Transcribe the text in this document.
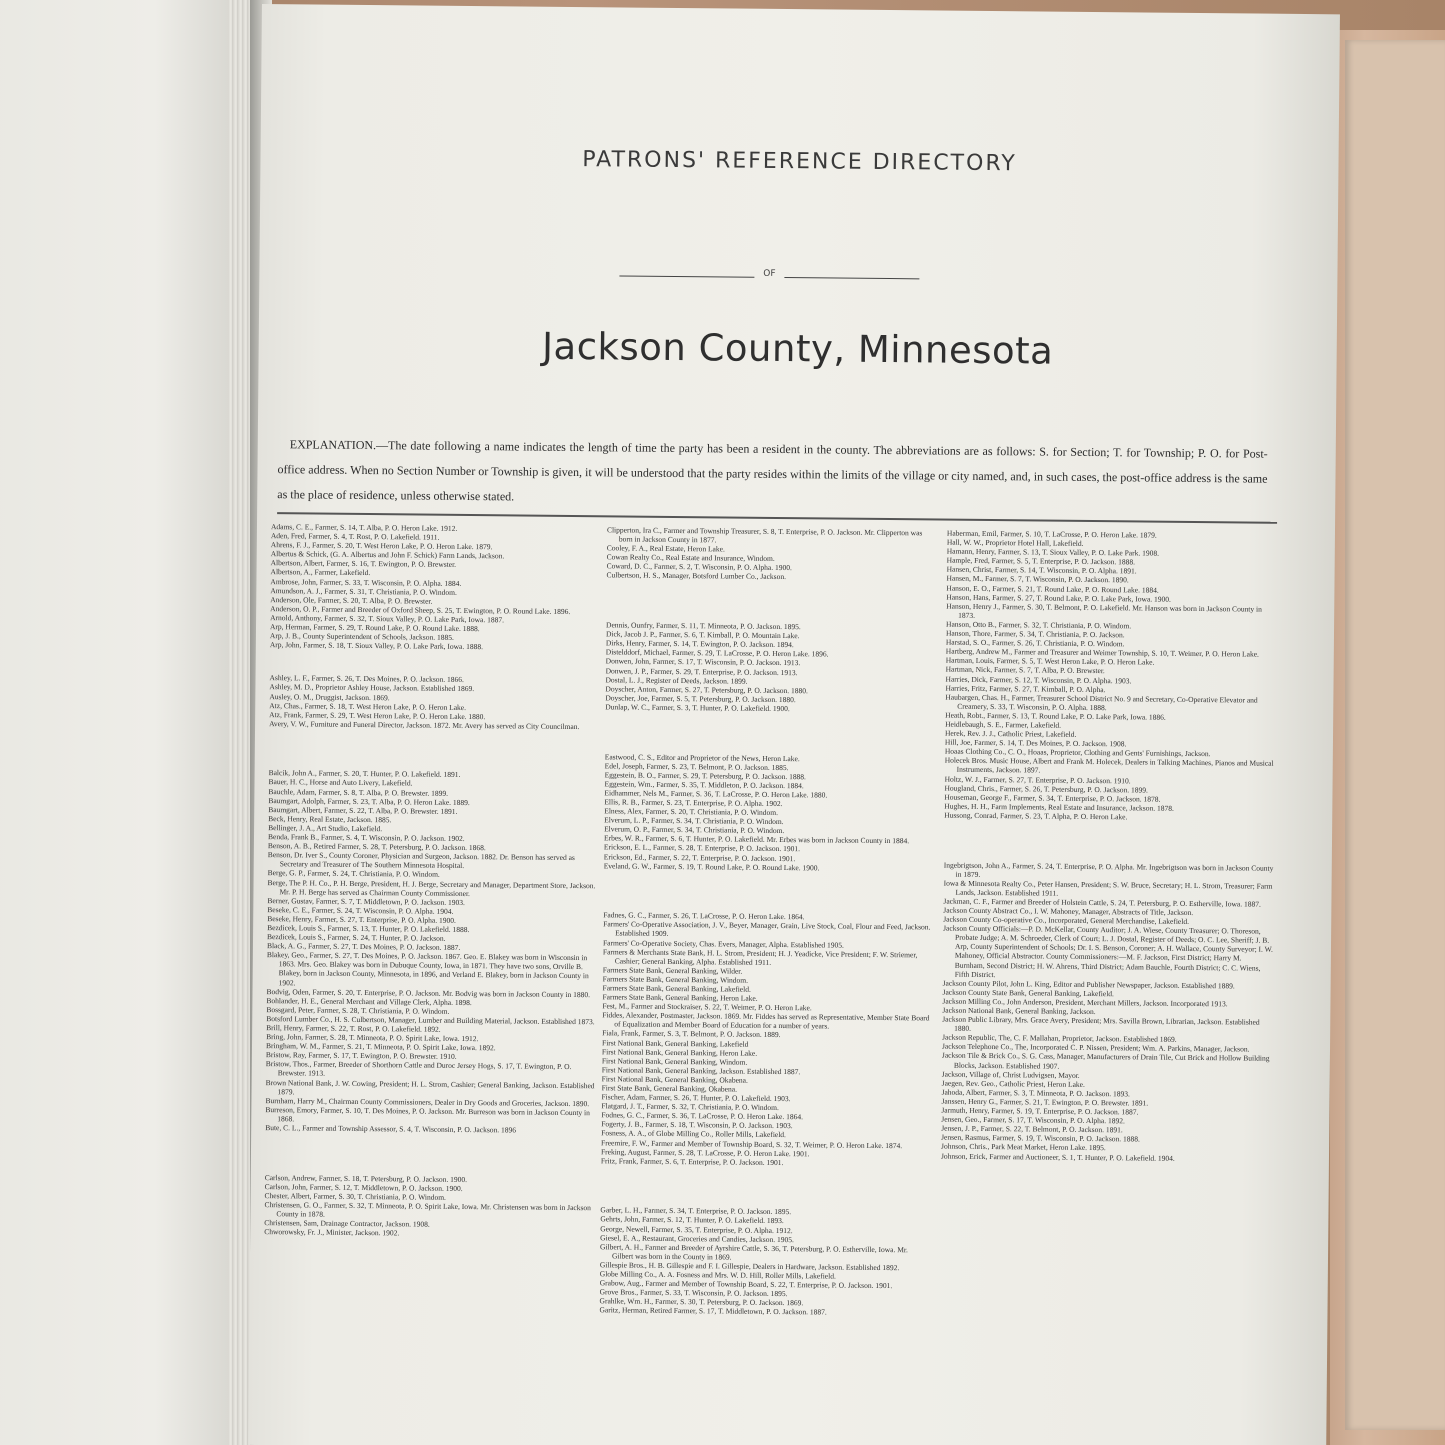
PATRONS' REFERENCE DIRECTORY
OF
Jackson County, Minnesota
EXPLANATION.—The date following a name indicates the length of time the party has been a resident in the county. The abbreviations are as follows: S. for Section; T. for Township; P. O. for Post-office address. When no Section Number or Township is given, it will be understood that the party resides within the limits of the village or city named, and, in such cases, the post-office address is the same as the place of residence, unless otherwise stated.

Adams, C. E., Farmer, S. 14, T. Alba, P. O. Heron Lake. 1912.

Aden, Fred, Farmer, S. 4, T. Rost, P. O. Lakefield. 1911.

Ahrens, F. J., Farmer, S. 20, T. West Heron Lake, P. O. Heron Lake. 1879.

Albertus & Schick, (G. A. Albertus and John F. Schick) Farm Lands, Jackson.

Albertson, Albert, Farmer, S. 16, T. Ewington, P. O. Brewster.

Albertson, A., Farmer, Lakefield.

Ambrose, John, Farmer, S. 33, T. Wisconsin, P. O. Alpha. 1884.

Amundson, A. J., Farmer, S. 31, T. Christiania, P. O. Windom.

Anderson, Ole, Farmer, S. 20, T. Alba, P. O. Brewster.

Anderson, O. P., Farmer and Breeder of Oxford Sheep, S. 25, T. Ewington, P. O. Round Lake. 1896.

Arnold, Anthony, Farmer, S. 32, T. Sioux Valley, P. O. Lake Park, Iowa. 1887.

Arp, Herman, Farmer, S. 29, T. Round Lake, P. O. Round Lake. 1888.

Arp, J. B., County Superintendent of Schools, Jackson. 1885.

Arp, John, Farmer, S. 18, T. Sioux Valley, P. O. Lake Park, Iowa. 1888.

Ashley, L. F., Farmer, S. 26, T. Des Moines, P. O. Jackson. 1866.

Ashley, M. D., Proprietor Ashley House, Jackson. Established 1869.

Ausley, O. M., Druggist, Jackson. 1869.

Atz, Chas., Farmer, S. 18, T. West Heron Lake, P. O. Heron Lake.

Atz, Frank, Farmer, S. 29, T. West Heron Lake, P. O. Heron Lake. 1880.

Avery, V. W., Furniture and Funeral Director, Jackson. 1872. Mr. Avery has served as City Councilman.

Balcik, John A., Farmer, S. 20, T. Hunter, P. O. Lakefield. 1891.

Bauer, H. C., Horse and Auto Livery, Lakefield.

Bauchle, Adam, Farmer, S. 8, T. Alba, P. O. Brewster. 1899.

Baumgart, Adolph, Farmer, S. 23, T. Alba, P. O. Heron Lake. 1889.

Baumgart, Albert, Farmer, S. 22, T. Alba, P. O. Brewster. 1891.

Beck, Henry, Real Estate, Jackson. 1885.

Bellinger, J. A., Art Studio, Lakefield.

Benda, Frank B., Farmer, S. 4, T. Wisconsin, P. O. Jackson. 1902.

Benson, A. B., Retired Farmer, S. 28, T. Petersburg, P. O. Jackson. 1868.

Benson, Dr. Iver S., County Coroner, Physician and Surgeon, Jackson. 1882. Dr. Benson has served as Secretary and Treasurer of The Southern Minnesota Hospital.

Berge, G. P., Farmer, S. 24, T. Christiania, P. O. Windom.

Berge, The P. H. Co., P. H. Berge, President, H. J. Berge, Secretary and Manager, Department Store, Jackson. Mr. P. H. Berge has served as Chairman County Commissioner.

Berner, Gustav, Farmer, S. 7, T. Middletown, P. O. Jackson. 1903.

Beseke, C. E., Farmer, S. 24, T. Wisconsin, P. O. Alpha. 1904.

Beseke, Henry, Farmer, S. 27, T. Enterprise, P. O. Alpha. 1900.

Bezdicek, Louis S., Farmer, S. 13, T. Hunter, P. O. Lakefield. 1888.

Bezdicek, Louis S., Farmer, S. 24, T. Hunter, P. O. Jackson.

Black, A. G., Farmer, S. 27, T. Des Moines, P. O. Jackson. 1887.

Blakey, Geo., Farmer, S. 27, T. Des Moines, P. O. Jackson. 1867. Geo. E. Blakey was born in Wisconsin in 1863. Mrs. Geo. Blakey was born in Dubuque County, Iowa, in 1871. They have two sons, Orville B. Blakey, born in Jackson County, Minnesota, in 1896, and Verland E. Blakey, born in Jackson County in 1902.

Bodvig, Oden, Farmer, S. 20, T. Enterprise, P. O. Jackson. Mr. Bodvig was born in Jackson County in 1880.

Bohlander, H. E., General Merchant and Village Clerk, Alpha. 1898.

Bossgard, Peter, Farmer, S. 28, T. Christiania, P. O. Windom.

Botsford Lumber Co., H. S. Culbertson, Manager, Lumber and Building Material, Jackson. Established 1873.

Brill, Henry, Farmer, S. 22, T. Rost, P. O. Lakefield. 1892.

Bring, John, Farmer, S. 28, T. Minneota, P. O. Spirit Lake, Iowa. 1912.

Bringham, W. M., Farmer, S. 21, T. Minneota, P. O. Spirit Lake, Iowa. 1892.

Bristow, Ray, Farmer, S. 17, T. Ewington, P. O. Brewster. 1910.

Bristow, Thos., Farmer, Breeder of Shorthorn Cattle and Duroc Jersey Hogs, S. 17, T. Ewington, P. O. Brewster. 1913.

Brown National Bank, J. W. Cowing, President; H. L. Strom, Cashier; General Banking, Jackson. Established 1879.

Burnham, Harry M., Chairman County Commissioners, Dealer in Dry Goods and Groceries, Jackson. 1890.

Burreson, Emory, Farmer, S. 10, T. Des Moines, P. O. Jackson. Mr. Burreson was born in Jackson County in 1868.

Bute, C. L., Farmer and Township Assessor, S. 4, T. Wisconsin, P. O. Jackson. 1896

Carlson, Andrew, Farmer, S. 18, T. Petersburg, P. O. Jackson. 1900.

Carlson, John, Farmer, S. 12, T. Middletown, P. O. Jackson. 1900.

Chester, Albert, Farmer, S. 30, T. Christiania, P. O. Windom.

Christensen, G. O., Farmer, S. 32, T. Minneota, P. O. Spirit Lake, Iowa. Mr. Christensen was born in Jackson County in 1878.

Christensen, Sam, Drainage Contractor, Jackson. 1908.

Chworowsky, Fr. J., Minister, Jackson. 1902.

Clipperton, Ira C., Farmer and Township Treasurer, S. 8, T. Enterprise, P. O. Jackson. Mr. Clipperton was born in Jackson County in 1877.

Cooley, F. A., Real Estate, Heron Lake.

Cowan Realty Co., Real Estate and Insurance, Windom.

Coward, D. C., Farmer, S. 2, T. Wisconsin, P. O. Alpha. 1900.

Culbertson, H. S., Manager, Botsford Lumber Co., Jackson.

Dennis, Ounfry, Farmer, S. 11, T. Minneota, P. O. Jackson. 1895.

Dick, Jacob J. P., Farmer, S. 6, T. Kimball, P. O. Mountain Lake.

Dirks, Henry, Farmer, S. 14, T. Ewington, P. O. Jackson. 1894.

Distelddorf, Michael, Farmer, S. 29, T. LaCrosse, P. O. Heron Lake. 1896.

Donwen, John, Farmer, S. 17, T. Wisconsin, P. O. Jackson. 1913.

Donwen, J. P., Farmer, S. 29, T. Enterprise, P. O. Jackson. 1913.

Dostal, L. J., Register of Deeds, Jackson. 1899.

Doyscher, Anton, Farmer, S. 27, T. Petersburg, P. O. Jackson. 1880.

Doyscher, Joe, Farmer, S. 5, T. Petersburg, P. O. Jackson. 1880.

Dunlap, W. C., Farmer, S. 3, T. Hunter, P. O. Lakefield. 1900.

Eastwood, C. S., Editor and Proprietor of the News, Heron Lake.

Edel, Joseph, Farmer, S. 23, T. Belmont, P. O. Jackson. 1885.

Eggestein, B. O., Farmer, S. 29, T. Petersburg, P. O. Jackson. 1888.

Eggestein, Wm., Farmer, S. 35, T. Middleton, P. O. Jackson. 1884.

Eidhammer, Nels M., Farmer, S. 36, T. LaCrosse, P. O. Heron Lake. 1880.

Ellis, R. B., Farmer, S. 23, T. Enterprise, P. O. Alpha. 1902.

Elness, Alex, Farmer, S. 20, T. Christiania, P. O. Windom.

Elverum, L. P., Farmer, S. 34, T. Christiania, P. O. Windom.

Elverum, O. P., Farmer, S. 34, T. Christiania, P. O. Windom.

Erbes, W. R., Farmer, S. 6, T. Hunter, P. O. Lakefield. Mr. Erbes was born in Jackson County in 1884.

Erickson, E. L., Farmer, S. 28, T. Enterprise, P. O. Jackson. 1901.

Erickson, Ed., Farmer, S. 22, T. Enterprise, P. O. Jackson. 1901.

Eveland, G. W., Farmer, S. 19, T. Round Lake, P. O. Round Lake. 1900.

Fadnes, G. C., Farmer, S. 26, T. LaCrosse, P. O. Heron Lake. 1864.

Farmers' Co-Operative Association, J. V., Beyer, Manager, Grain, Live Stock, Coal, Flour and Feed, Jackson. Established 1909.

Farmers' Co-Operative Society, Chas. Evers, Manager, Alpha. Established 1905.

Farmers & Merchants State Bank, H. L. Strom, President; H. J. Yeadicke, Vice President; F. W. Striemer, Cashier; General Banking, Alpha. Established 1911.

Farmers State Bank, General Banking, Wilder.

Farmers State Bank, General Banking, Windom.

Farmers State Bank, General Banking, Lakefield.

Farmers State Bank, General Banking, Heron Lake.

Fest, M., Farmer and Stockraiser, S. 22, T. Weimer, P. O. Heron Lake.

Fiddes, Alexander, Postmaster, Jackson. 1869. Mr. Fiddes has served as Representative, Member State Board of Equalization and Member Board of Education for a number of years.

Fiala, Frank, Farmer, S. 3, T. Belmont, P. O. Jackson. 1889.

First National Bank, General Banking, Lakefield

First National Bank, General Banking, Heron Lake.

First National Bank, General Banking, Windom.

First National Bank, General Banking, Jackson. Established 1887.

First National Bank, General Banking, Okabena.

First State Bank, General Banking, Okabena.

Fischer, Adam, Farmer, S. 26, T. Hunter, P. O. Lakefield. 1903.

Flatgard, J. T., Farmer, S. 32, T. Christiania, P. O. Windom.

Fodnes, G. C., Farmer, S. 36, T. LaCrosse, P. O. Heron Lake. 1864.

Fogerty, J. B., Farmer, S. 18, T. Wisconsin, P. O. Jackson. 1903.

Fosness, A. A., of Globe Milling Co., Roller Mills, Lakefield.

Freemire, F. W., Farmer and Member of Township Board, S. 32, T. Weimer, P. O. Heron Lake. 1874.

Freking, August, Farmer, S. 28, T. LaCrosse, P. O. Heron Lake. 1901.

Fritz, Frank, Farmer, S. 6, T. Enterprise, P. O. Jackson. 1901.

Garber, L. H., Farmer, S. 34, T. Enterprise, P. O. Jackson. 1895.

Gehrts, John, Farmer, S. 12, T. Hunter, P. O. Lakefield. 1893.

George, Newell, Farmer, S. 35, T. Enterprise, P. O. Alpha. 1912.

Giesel, E. A., Restaurant, Groceries and Candies, Jackson. 1905.

Gilbert, A. H., Farmer and Breeder of Ayrshire Cattle, S. 36, T. Petersburg, P. O. Estherville, Iowa. Mr. Gilbert was born in the County in 1869.

Gillespie Bros., H. B. Gillespie and F. I. Gillespie, Dealers in Hardware, Jackson. Established 1892.

Globe Milling Co., A. A. Fosness and Mrs. W. D. Hill, Roller Mills, Lakefield.

Grabow, Aug., Farmer and Member of Township Board, S. 22, T. Enterprise, P. O. Jackson. 1901.

Grove Bros., Farmer, S. 33, T. Wisconsin, P. O. Jackson. 1895.

Grahlke, Wm. H., Farmer, S. 30, T. Petersburg, P. O. Jackson. 1869.

Garitz, Herman, Retired Farmer, S. 17, T. Middletown, P. O. Jackson. 1887.

Haberman, Emil, Farmer, S. 10, T. LaCrosse, P. O. Heron Lake. 1879.

Hall, W. W., Proprietor Hotel Hall, Lakefield.

Hamann, Henry, Farmer, S. 13, T. Sioux Valley, P. O. Lake Park. 1908.

Hample, Fred, Farmer, S. 5, T. Enterprise, P. O. Jackson. 1888.

Hansen, Christ, Farmer, S. 14, T. Wisconsin, P. O. Alpha. 1891.

Hansen, M., Farmer, S. 7, T. Wisconsin, P. O. Jackson. 1890.

Hanson, E. O., Farmer, S. 21, T. Round Lake, P. O. Round Lake. 1884.

Hanson, Hans, Farmer, S. 27, T. Round Lake, P. O. Lake Park, Iowa. 1900.

Hanson, Henry J., Farmer, S. 30, T. Belmont, P. O. Lakefield. Mr. Hanson was born in Jackson County in 1873.

Hanson, Otto B., Farmer, S. 32, T. Christiania, P. O. Windom.

Hanson, Thore, Farmer, S. 34, T. Christiania, P. O. Jackson.

Harstad, S. O., Farmer, S. 26, T. Christiania, P. O. Windom.

Hartberg, Andrew M., Farmer and Treasurer and Weimer Township, S. 10, T. Weimer, P. O. Heron Lake.

Hartman, Louis, Farmer, S. 5, T. West Heron Lake, P. O. Heron Lake.

Hartman, Nick, Farmer, S. 7, T. Alba, P. O. Brewster.

Harries, Dick, Farmer, S. 12, T. Wisconsin, P. O. Alpha. 1903.

Harries, Fritz, Farmer, S. 27, T. Kimball, P. O. Alpha.

Haubargen, Chas. H., Farmer, Treasurer School District No. 9 and Secretary, Co-Operative Elevator and Creamery, S. 33, T. Wisconsin, P. O. Alpha. 1888.

Heath, Robt., Farmer, S. 13, T. Round Lake, P. O. Lake Park, Iowa. 1886.

Heidlebaugh, S. E., Farmer, Lakefield.

Herek, Rev. J. J., Catholic Priest, Lakefield.

Hill, Joe, Farmer, S. 14, T. Des Moines, P. O. Jackson. 1908.

Hoaas Clothing Co., C. O., Hoaas, Proprietor, Clothing and Gents' Furnishings, Jackson.

Holecek Bros. Music House, Albert and Frank M. Holecek, Dealers in Talking Machines, Pianos and Musical Instruments, Jackson. 1897.

Holtz, W. J., Farmer, S. 27, T. Enterprise, P. O. Jackson. 1910.

Hougland, Chris., Farmer, S. 26, T. Petersburg, P. O. Jackson. 1899.

Houseman, George F., Farmer, S. 34, T. Enterprise, P. O. Jackson. 1878.

Hughes, H. H., Farm Implements, Real Estate and Insurance, Jackson. 1878.

Hussong, Conrad, Farmer, S. 23, T. Alpha, P. O. Heron Lake.

Ingebrigtson, John A., Farmer, S. 24, T. Enterprise, P. O. Alpha. Mr. Ingebrigtson was born in Jackson County in 1879.

Iowa & Minnesota Realty Co., Peter Hansen, President; S. W. Bruce, Secretary; H. L. Strom, Treasurer; Farm Lands, Jackson. Established 1911.

Jackman, C. F., Farmer and Breeder of Holstein Cattle, S. 24, T. Petersburg, P. O. Estherville, Iowa. 1887.

Jackson County Abstract Co., I. W. Mahoney, Manager, Abstracts of Title, Jackson.

Jackson County Co-operative Co., Incorporated, General Merchandise, Lakefield.

Jackson County Officials:—P. D. McKellar, County Auditor; J. A. Wiese, County Treasurer; O. Thoreson, Probate Judge; A. M. Schroeder, Clerk of Court; L. J. Dostal, Register of Deeds; O. C. Lee, Sheriff; J. B. Arp, County Superintendent of Schools; Dr. I. S. Benson, Coroner; A. H. Wallace, County Surveyor; I. W. Mahoney, Official Abstractor. County Commissioners:—M. F. Jackson, First District; Harry M. Burnham, Second District; H. W. Ahrens, Third District; Adam Bauchle, Fourth District; C. C. Wiens, Fifth District.

Jackson County Pilot, John L. King, Editor and Publisher Newspaper, Jackson. Established 1889.

Jackson County State Bank, General Banking, Lakefield.

Jackson Milling Co., John Anderson, President, Merchant Millers, Jackson. Incorporated 1913.

Jackson National Bank, General Banking, Jackson.

Jackson Public Library, Mrs. Grace Avery, President; Mrs. Savilla Brown, Librarian, Jackson. Established 1880.

Jackson Republic, The, C. F. Mallahan, Proprietor, Jackson. Established 1869.

Jackson Telephone Co., The, Incorporated C. P. Nissen, President; Wm. A. Parkins, Manager, Jackson.

Jackson Tile & Brick Co., S. G. Cass, Manager, Manufacturers of Drain Tile, Cut Brick and Hollow Building Blocks, Jackson. Established 1907.

Jackson, Village of, Christ Ludvigsen, Mayor.

Jaegen, Rev. Geo., Catholic Priest, Heron Lake.

Jahoda, Albert, Farmer, S. 3, T. Minneota, P. O. Jackson. 1893.

Janssen, Henry G., Farmer, S. 21, T. Ewington, P. O. Brewster. 1891.

Jarmuth, Henry, Farmer, S. 19, T. Enterprise, P. O. Jackson. 1887.

Jensen, Geo., Farmer, S. 17, T. Wisconsin, P. O. Alpha. 1892.

Jensen, J. P., Farmer, S. 22, T. Belmont, P. O. Jackson. 1891.

Jensen, Rasmus, Farmer, S. 19, T. Wisconsin, P. O. Jackson. 1888.

Johnson, Chris., Park Meat Market, Heron Lake. 1895.

Johnson, Erick, Farmer and Auctioneer, S. 1, T. Hunter, P. O. Lakefield. 1904.
